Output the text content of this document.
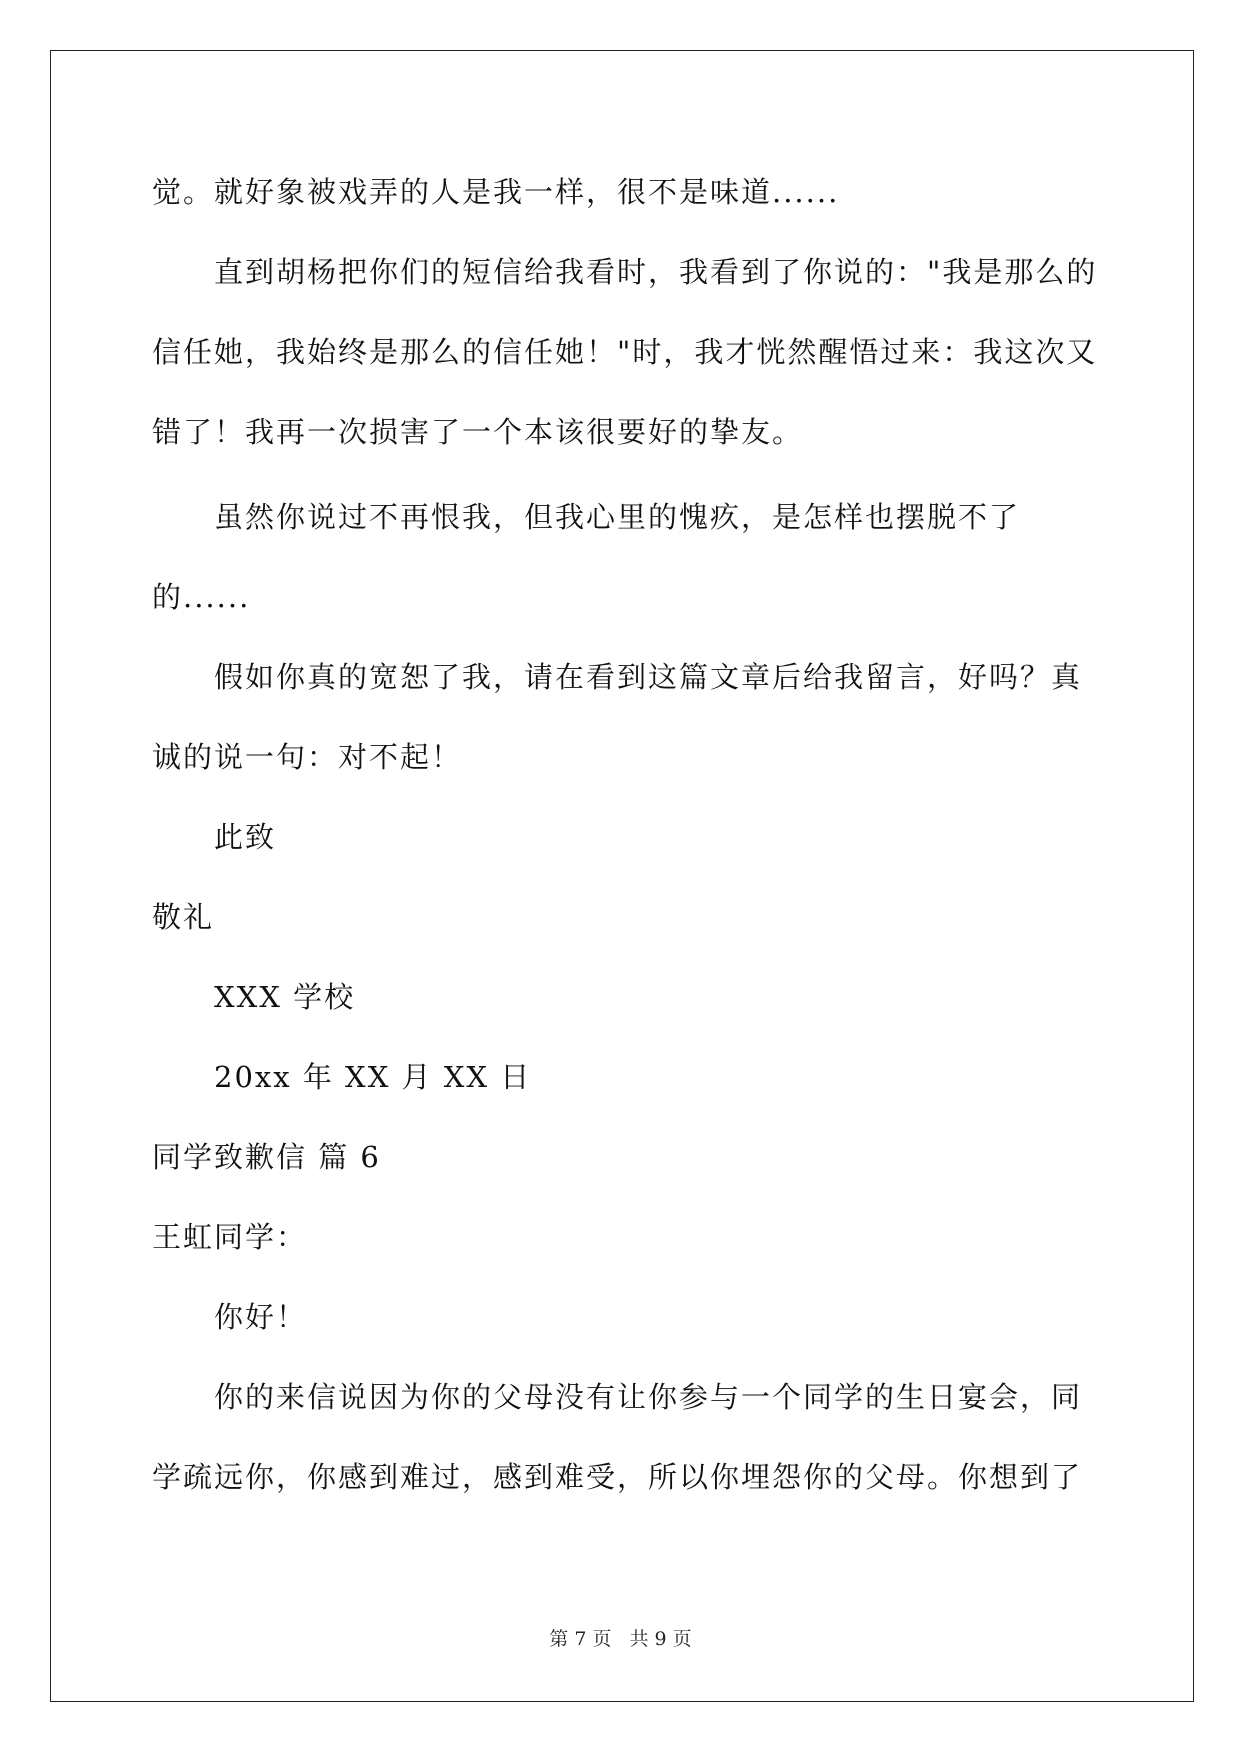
觉。就好象被戏弄的人是我一样，很不是味道......
直到胡杨把你们的短信给我看时，我看到了你说的："我是那么的
信任她，我始终是那么的信任她！"时，我才恍然醒悟过来：我这次又
错了！我再一次损害了一个本该很要好的挚友。
虽然你说过不再恨我，但我心里的愧疚，是怎样也摆脱不了
的......
假如你真的宽恕了我，请在看到这篇文章后给我留言，好吗？真
诚的说一句：对不起！
此致
敬礼
XXX 学校
20xx 年 XX 月 XX 日
同学致歉信 篇 6
王虹同学：
你好！
你的来信说因为你的父母没有让你参与一个同学的生日宴会，同
学疏远你，你感到难过，感到难受，所以你埋怨你的父母。你想到了
第 7 页 共 9 页
